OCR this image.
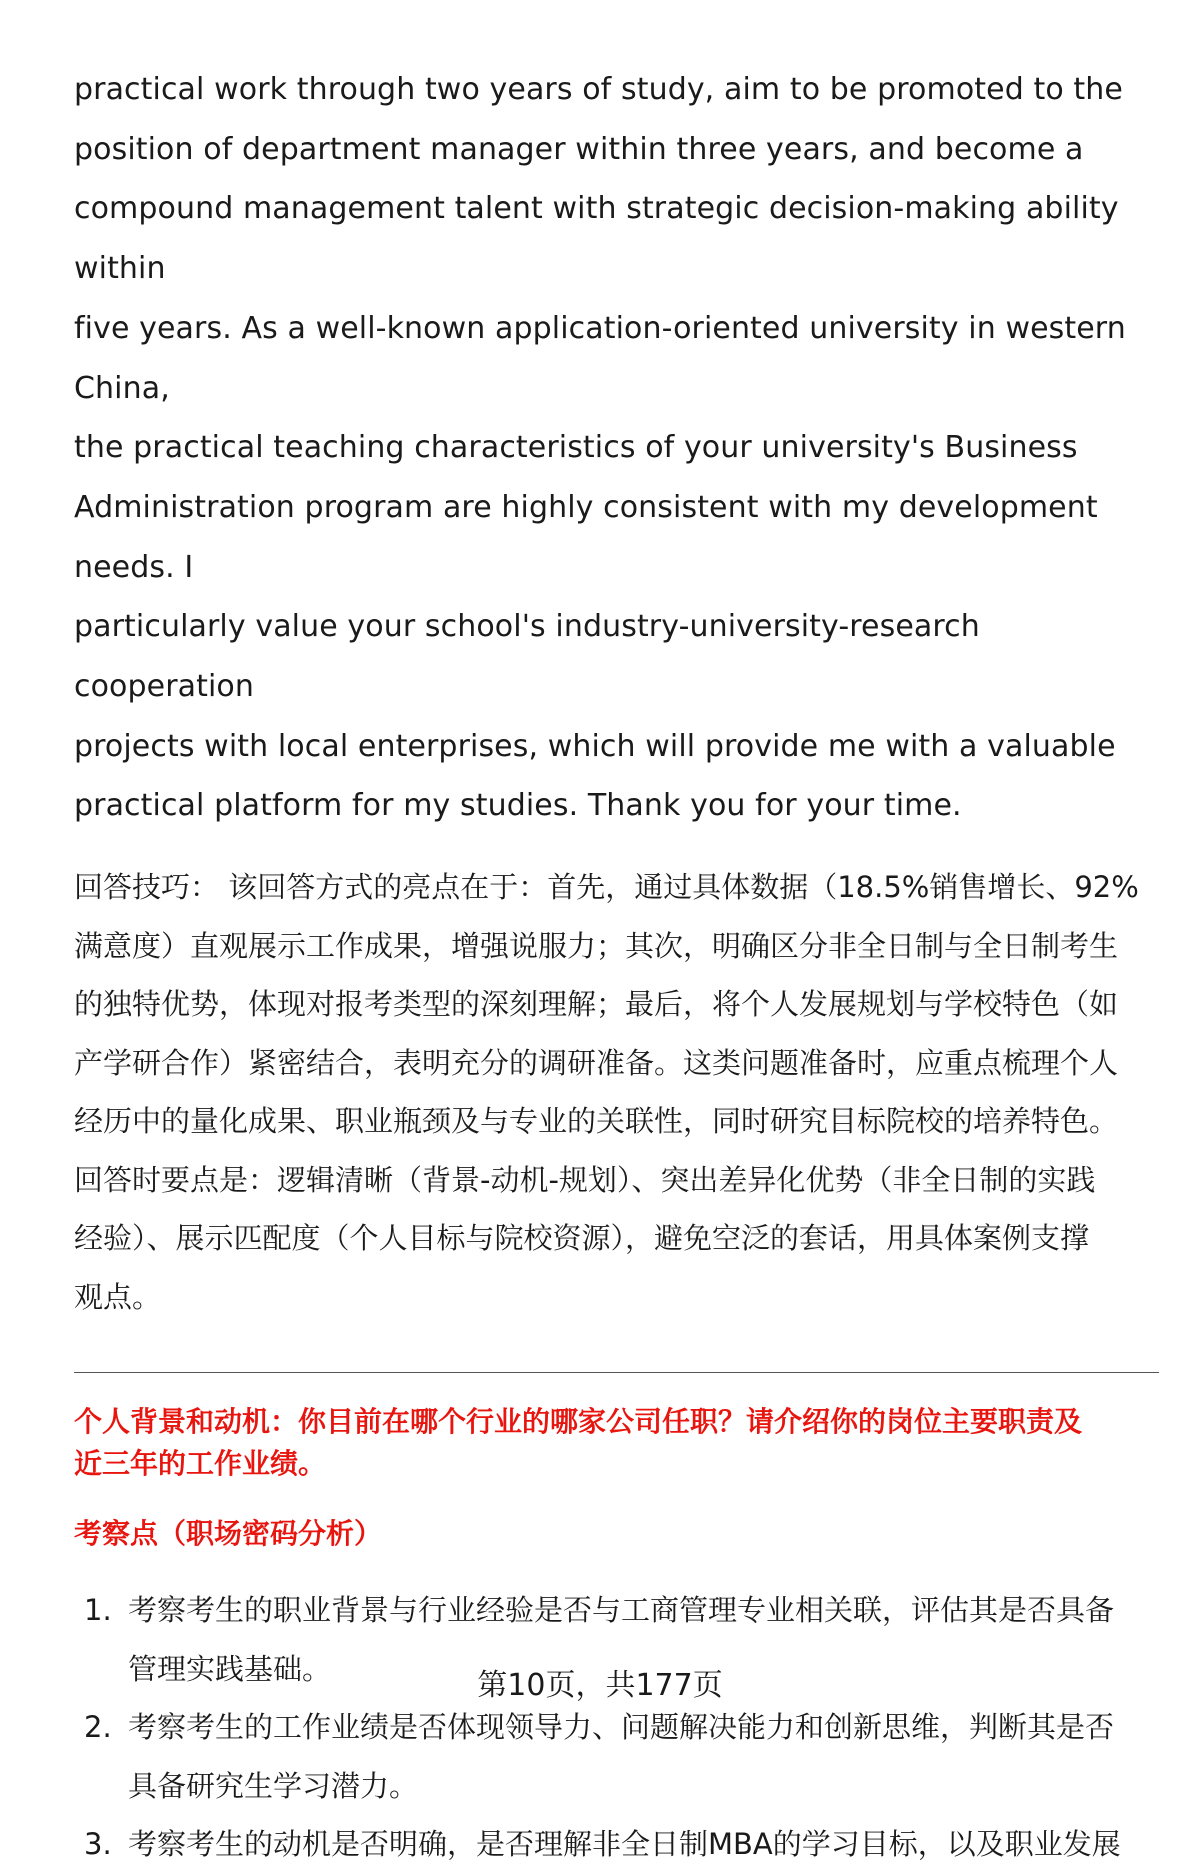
practical work through two years of study, aim to be promoted to the
position of department manager within three years, and become a
compound management talent with strategic decision-making ability within
five years. As a well-known application-oriented university in western China,
the practical teaching characteristics of your university's Business
Administration program are highly consistent with my development needs. I
particularly value your school's industry-university-research cooperation
projects with local enterprises, which will provide me with a valuable
practical platform for my studies. Thank you for your time.

回答技巧： 该回答方式的亮点在于：首先，通过具体数据（18.5%销售增长、92%
满意度）直观展示工作成果，增强说服力；其次，明确区分非全日制与全日制考生
的独特优势，体现对报考类型的深刻理解；最后，将个人发展规划与学校特色（如
产学研合作）紧密结合，表明充分的调研准备。这类问题准备时，应重点梳理个人
经历中的量化成果、职业瓶颈及与专业的关联性，同时研究目标院校的培养特色。
回答时要点是：逻辑清晰（背景-动机-规划）、突出差异化优势（非全日制的实践
经验）、展示匹配度（个人目标与院校资源），避免空泛的套话，用具体案例支撑
观点。

个人背景和动机：你目前在哪个行业的哪家公司任职？请介绍你的岗位主要职责及
近三年的工作业绩。
考察点（职场密码分析）
1. 考察考生的职业背景与行业经验是否与工商管理专业相关联，评估其是否具备
管理实践基础。
2. 考察考生的工作业绩是否体现领导力、问题解决能力和创新思维，判断其是否
具备研究生学习潜力。
3. 考察考生的动机是否明确，是否理解非全日制MBA的学习目标，以及职业发展
第10页，共177页
